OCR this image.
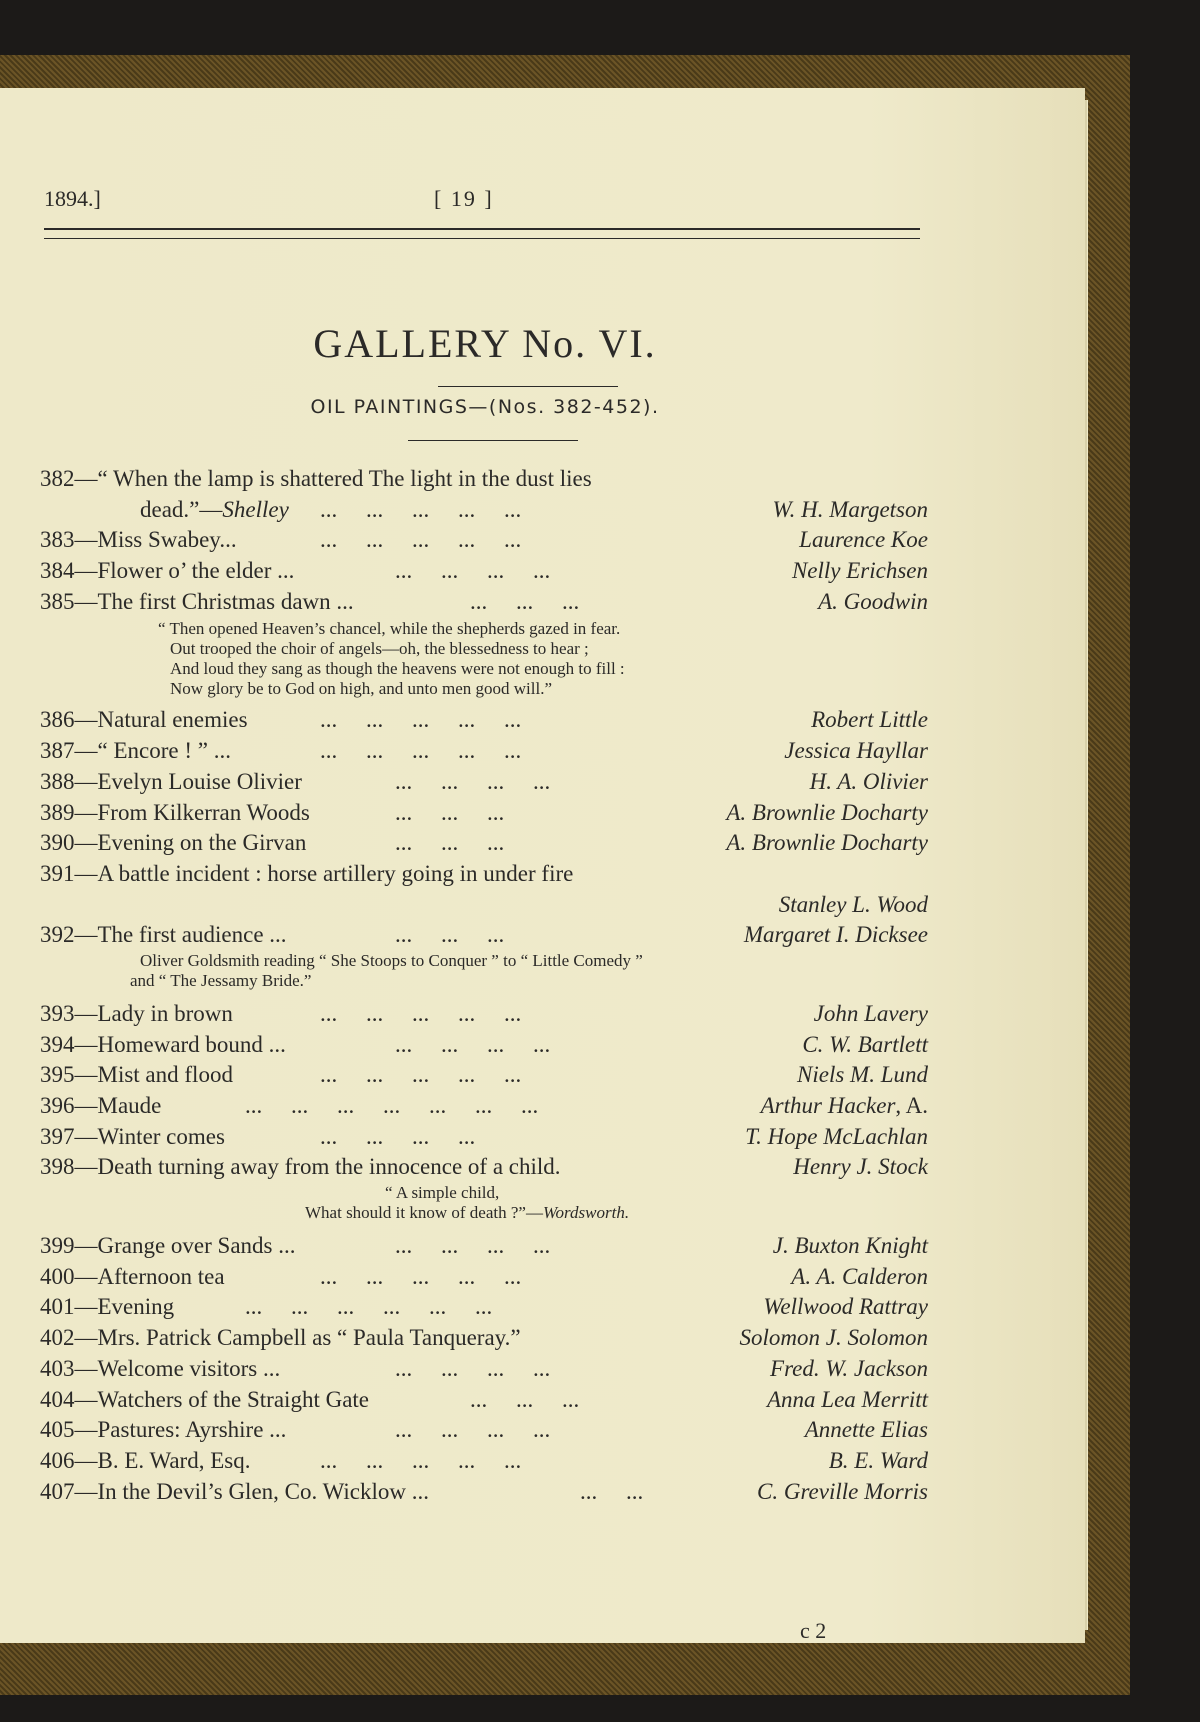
1894.]	[ 19 ]
GALLERY No. VI.
OIL PAINTINGS—(Nos. 382-452).
382—“ When the lamp is shattered The light in the dust lies
dead.”—Shelley ...     ...     ...     ...     ...	W. H. Margetson
383—Miss Swabey...	...     ...     ...     ...     ...	Laurence Koe
384—Flower o’ the elder ...	...     ...     ...     ...	Nelly Erichsen
385—The first Christmas dawn ...	...     ...     ...	A. Goodwin
“ Then opened Heaven’s chancel, while the shepherds gazed in fear.
Out trooped the choir of angels—oh, the blessedness to hear ;
And loud they sang as though the heavens were not enough to fill :
Now glory be to God on high, and unto men good will.”
386—Natural enemies	...     ...     ...     ...     ...	Robert Little
387—“ Encore ! ” ...	...     ...     ...     ...     ...	Jessica Hayllar
388—Evelyn Louise Olivier	...     ...     ...     ...	H. A. Olivier
389—From Kilkerran Woods	...     ...     ...	A. Brownlie Docharty
390—Evening on the Girvan	...     ...     ...	A. Brownlie Docharty
391—A battle incident : horse artillery going in under fire
Stanley L. Wood
392—The first audience ...	...     ...     ...	Margaret I. Dicksee
Oliver Goldsmith reading “ She Stoops to Conquer ” to “ Little Comedy ”
and “ The Jessamy Bride.”
393—Lady in brown	...     ...     ...     ...     ...	John Lavery
394—Homeward bound ...	...     ...     ...     ...	C. W. Bartlett
395—Mist and flood	...     ...     ...     ...     ...	Niels M. Lund
396—Maude	...     ...     ...     ...     ...     ...     ...	Arthur Hacker, A.
397—Winter comes	...     ...     ...     ...	T. Hope McLachlan
398—Death turning away from the innocence of a child.	Henry J. Stock
“ A simple child,
What should it know of death ?”—Wordsworth.
399—Grange over Sands ...	...     ...     ...     ...	J. Buxton Knight
400—Afternoon tea	...     ...     ...     ...     ...	A. A. Calderon
401—Evening	...     ...     ...     ...     ...     ...	Wellwood Rattray
402—Mrs. Patrick Campbell as “ Paula Tanqueray.”	Solomon J. Solomon
403—Welcome visitors ...	...     ...     ...     ...	Fred. W. Jackson
404—Watchers of the Straight Gate	...     ...     ...	Anna Lea Merritt
405—Pastures: Ayrshire ...	...     ...     ...     ...	Annette Elias
406—B. E. Ward, Esq.	...     ...     ...     ...     ...	B. E. Ward
407—In the Devil’s Glen, Co. Wicklow ...	...     ...	C. Greville Morris
c 2
